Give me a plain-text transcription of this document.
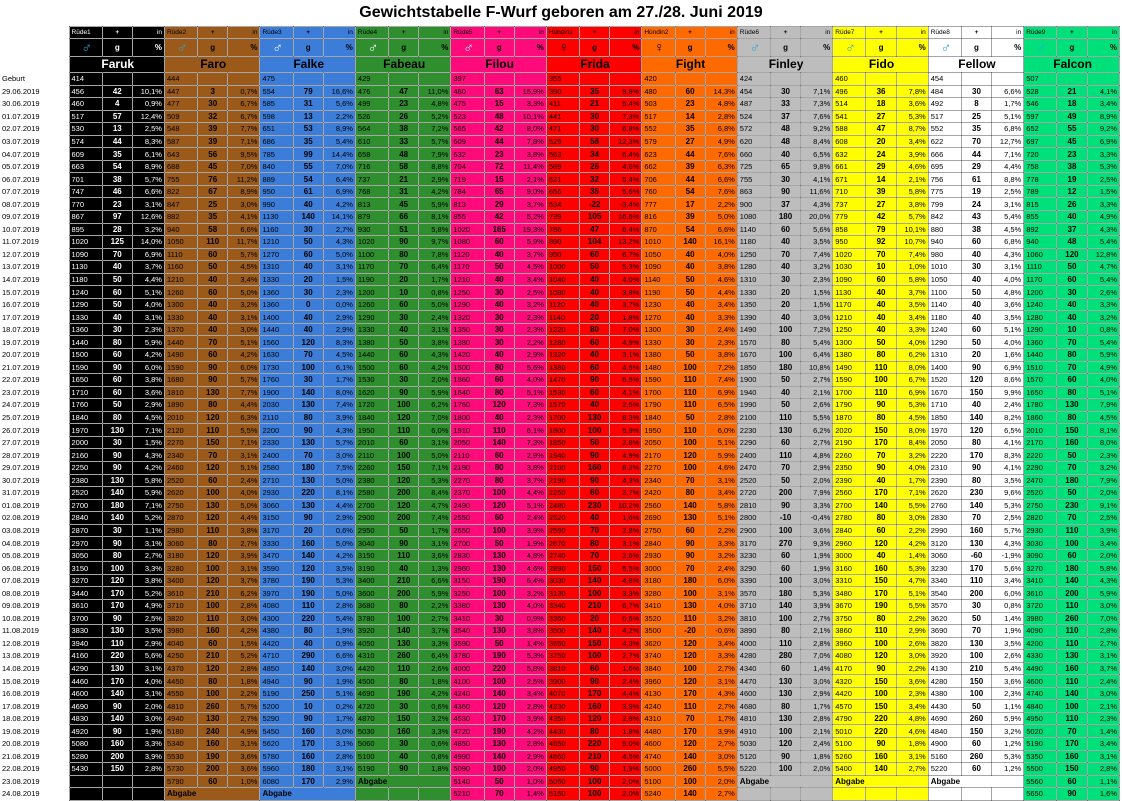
Gewichtstabelle F-Wurf geboren am 27./28. Juni 2019
	Rüde1	+	in	Rüde2	+	in	Rüde3	+	in	Rüde4	+	in	Rüde5	+	in	Hündin1	+	in	Hündin2	+	in	Rüde6	+	in	Rüde7	+	in	Rüde8	+	in	Rüde9	+	in
	♂	g	%	♂	g	%	♂	g	%	♂	g	%	♂	g	%	♀	g	%	♀	g	%	♂	g	%	♂	g	%	♂	g	%	♂	g	%
	Faruk			Faro			Falke			Fabeau			Filou			Frida			Fight			Finley			Fido			Fellow			Falcon		
Geburt	414			444			475			429			397			355			420			424			460			454			507		
29.06.2019	456	42	10,1%	447	3	0,7%	554	79	16,6%	476	47	11,0%	460	63	15,9%	390	35	9,9%	480	60	14,3%	454	30	7,1%	496	36	7,8%	484	30	6,6%	528	21	4,1%
30.06.2019	460	4	0,9%	477	30	6,7%	585	31	5,6%	499	23	4,8%	475	15	3,3%	411	21	5,4%	503	23	4,8%	487	33	7,3%	514	18	3,6%	492	8	1,7%	546	18	3,4%
01.07.2019	517	57	12,4%	509	32	6,7%	598	13	2,2%	526	26	5,2%	523	48	10,1%	441	30	7,3%	517	14	2,8%	524	37	7,6%	541	27	5,3%	517	25	5,1%	597	49	8,9%
02.07.2019	530	13	2,5%	548	39	7,7%	651	53	8,9%	564	38	7,2%	565	42	8,0%	471	30	6,8%	552	35	6,8%	572	48	9,2%	588	47	8,7%	552	35	6,8%	652	55	9,2%
03.07.2019	574	44	8,3%	587	39	7,1%	686	35	5,4%	610	33	5,7%	609	44	7,8%	529	58	12,3%	579	27	4,9%	620	48	8,4%	608	20	3,4%	622	70	12,7%	697	45	6,9%
04.07.2019	609	35	6,1%	643	56	9,5%	785	99	14,4%	658	48	7,9%	632	23	3,8%	563	34	6,4%	623	44	7,6%	660	40	6,5%	632	24	3,9%	666	44	7,1%	720	23	3,3%
05.07.2019	663	54	8,9%	688	45	7,0%	840	55	7,0%	716	58	8,8%	704	72	11,4%	589	26	4,6%	662	39	6,3%	725	65	9,8%	661	29	4,6%	695	29	4,4%	758	38	5,3%
06.07.2019	701	38	5,7%	755	76	11,2%	889	54	6,4%	737	21	2,9%	719	15	2,1%	621	32	5,4%	706	44	6,6%	755	30	4,1%	671	14	2,1%	756	61	8,8%	778	19	2,5%
07.07.2019	747	46	6,6%	822	67	8,9%	950	61	6,9%	768	31	4,2%	784	65	9,0%	656	35	5,6%	760	54	7,6%	863	90	11,6%	710	39	5,8%	775	19	2,5%	789	12	1,5%
08.07.2019	770	23	3,1%	847	25	3,0%	990	40	4,2%	813	45	5,9%	813	29	3,7%	634	-22	-3,4%	777	17	2,2%	900	37	4,3%	737	27	3,8%	799	24	3,1%	815	26	3,3%
09.07.2019	867	97	12,6%	882	35	4,1%	1130	140	14,1%	879	66	8,1%	855	42	5,2%	739	105	16,6%	816	39	5,0%	1080	180	20,0%	779	42	5,7%	842	43	5,4%	855	40	4,9%
10.07.2019	895	28	3,2%	940	58	6,6%	1160	30	2,7%	930	51	5,8%	1020	165	19,3%	786	47	6,4%	870	54	6,6%	1140	60	5,6%	858	79	10,1%	880	38	4,5%	892	37	4,3%
11.07.2019	1020	125	14,0%	1050	110	11,7%	1210	50	4,3%	1020	90	9,7%	1080	60	5,9%	890	104	13,2%	1010	140	16,1%	1180	40	3,5%	950	92	10,7%	940	60	6,8%	940	48	5,4%
12.07.2019	1090	70	6,9%	1110	60	5,7%	1270	60	5,0%	1100	80	7,8%	1120	40	3,7%	950	60	6,7%	1050	40	4,0%	1250	70	7,4%	1020	70	7,4%	980	40	4,3%	1060	120	12,8%
13.07.2019	1130	40	3,7%	1160	50	4,5%	1310	40	3,1%	1170	70	6,4%	1170	50	4,5%	1000	50	5,3%	1090	40	3,8%	1280	40	3,2%	1030	10	1,0%	1010	30	3,1%	1110	50	4,7%
14.07.2019	1180	50	4,4%	1210	40	3,4%	1330	20	1,5%	1190	20	1,7%	1210	40	3,4%	1040	40	4,0%	1140	50	4,6%	1310	30	2,3%	1090	60	5,8%	1050	40	4,0%	1170	60	5,4%
15.07.2019	1240	60	5,1%	1260	60	5,0%	1360	30	2,3%	1200	10	0,8%	1250	30	2,5%	1080	40	3,8%	1190	50	4,4%	1330	20	1,5%	1130	40	3,7%	1100	50	4,8%	1200	30	2,6%
16.07.2019	1290	50	4,0%	1300	40	3,2%	1360	0	0,0%	1260	60	5,0%	1290	40	3,2%	1120	40	3,7%	1230	40	3,4%	1350	20	1,5%	1170	40	3,5%	1140	40	3,6%	1240	40	3,3%
17.07.2019	1330	40	3,1%	1330	40	3,1%	1400	40	2,9%	1290	30	2,4%	1320	30	2,3%	1140	20	1,8%	1270	40	3,3%	1390	40	3,0%	1210	40	3,4%	1180	40	3,5%	1280	40	3,2%
18.07.2019	1360	30	2,3%	1370	40	3,0%	1440	40	2,9%	1330	40	3,1%	1350	30	2,3%	1220	80	7,0%	1300	30	2,4%	1490	100	7,2%	1250	40	3,3%	1240	60	5,1%	1290	10	0,8%
19.07.2019	1440	80	5,9%	1440	70	5,1%	1560	120	8,3%	1380	50	3,8%	1380	30	2,2%	1280	60	4,9%	1330	30	2,3%	1570	80	5,4%	1300	50	4,0%	1290	50	4,0%	1360	70	5,4%
20.07.2019	1500	60	4,2%	1490	60	4,2%	1630	70	4,5%	1440	60	4,3%	1420	40	2,9%	1320	40	3,1%	1380	50	3,8%	1670	100	6,4%	1380	80	6,2%	1310	20	1,6%	1440	80	5,9%
21.07.2019	1590	90	6,0%	1590	90	6,0%	1730	100	6,1%	1500	60	4,2%	1500	80	5,6%	1380	60	4,5%	1480	100	7,2%	1850	180	10,8%	1490	110	8,0%	1400	90	6,9%	1510	70	4,9%
22.07.2019	1650	60	3,8%	1680	90	5,7%	1760	30	1,7%	1530	30	2,0%	1560	60	4,0%	1470	90	6,5%	1590	110	7,4%	1900	50	2,7%	1590	100	6,7%	1520	120	8,6%	1570	60	4,0%
23.07.2019	1710	60	3,6%	1810	130	7,7%	1900	140	8,0%	1620	90	5,9%	1640	80	5,1%	1530	60	4,1%	1700	110	6,9%	1940	40	2,1%	1700	110	6,9%	1670	150	9,9%	1650	80	5,1%
24.07.2019	1760	50	2,9%	1890	80	4,4%	2030	130	7,4%	1720	100	6,2%	1760	120	7,3%	1570	40	2,6%	1790	110	6,5%	1990	50	2,6%	1790	90	5,3%	1710	40	2,4%	1780	130	7,9%
25.07.2019	1840	80	4,5%	2010	120	6,3%	2110	80	3,9%	1840	120	7,0%	1800	40	2,3%	1700	130	8,3%	1840	50	2,8%	2100	110	5,5%	1870	80	4,5%	1850	140	8,2%	1860	80	4,5%
26.07.2019	1970	130	7,1%	2120	110	5,5%	2200	90	4,3%	1950	110	6,0%	1910	110	6,1%	1800	100	5,9%	1950	110	6,0%	2230	130	6,2%	2020	150	8,0%	1970	120	6,5%	2010	150	8,1%
27.07.2019	2000	30	1,5%	2270	150	7,1%	2330	130	5,7%	2010	60	3,1%	2050	140	7,3%	1850	50	2,8%	2050	100	5,1%	2290	60	2,7%	2190	170	8,4%	2050	80	4,1%	2170	160	8,0%
28.07.2019	2160	90	4,3%	2340	70	3,1%	2400	70	3,0%	2110	100	5,0%	2110	60	2,9%	1940	90	4,9%	2170	120	5,9%	2400	110	4,8%	2260	70	3,2%	2220	170	8,3%	2220	50	2,3%
29.07.2019	2250	90	4,2%	2460	120	5,1%	2580	180	7,5%	2260	150	7,1%	2190	80	3,8%	2100	160	8,2%	2270	100	4,6%	2470	70	2,9%	2350	90	4,0%	2310	90	4,1%	2290	70	3,2%
30.07.2019	2380	130	5,8%	2520	60	2,4%	2710	130	5,0%	2380	120	5,3%	2270	80	3,7%	2190	90	4,3%	2340	70	3,1%	2520	50	2,0%	2390	40	1,7%	2390	80	3,5%	2470	180	7,9%
31.07.2019	2520	140	5,9%	2620	100	4,0%	2930	220	8,1%	2580	200	8,4%	2370	100	4,4%	2250	60	2,7%	2420	80	3,4%	2720	200	7,9%	2560	170	7,1%	2620	230	9,6%	2520	50	2,0%
01.08.2019	2700	180	7,1%	2750	130	5,0%	3060	130	4,4%	2700	120	4,7%	2490	120	5,1%	2480	230	10,2%	2560	140	5,8%	2810	90	3,3%	2700	140	5,5%	2760	140	5,3%	2750	230	9,1%
02.08.2019	2840	140	5,2%	2870	120	4,4%	3150	90	2,9%	2900	200	7,4%	2550	60	2,4%	2520	40	1,6%	2690	130	5,1%	2800	-10	-0,4%	2780	80	3,0%	2830	70	2,5%	2820	70	2,5%
03.08.2019	2870	30	1,1%	2980	110	3,8%	3170	20	0,6%	2950	50	1,7%	2650	100	3,9%	2590	70	2,8%	2750	60	2,2%	2900	100	3,6%	2840	60	2,2%	2990	160	5,7%	2930	110	3,9%
04.08.2019	2970	90	3,1%	3060	80	2,7%	3330	160	5,0%	3040	90	3,1%	2700	50	1,9%	2670	80	3,1%	2840	90	3,3%	3170	270	9,3%	2960	120	4,2%	3120	130	4,3%	3030	100	3,4%
05.08.2019	3050	80	2,7%	3180	120	3,9%	3470	140	4,2%	3150	110	3,6%	2830	130	4,8%	2740	70	2,6%	2930	90	3,2%	3230	60	1,9%	3000	40	1,4%	3060	-60	-1,9%	3090	60	2,0%
06.08.2019	3150	100	3,3%	3280	100	3,1%	3590	120	3,5%	3190	40	1,3%	2960	130	4,6%	2890	150	5,5%	3000	70	2,4%	3290	60	1,9%	3160	160	5,3%	3230	170	5,6%	3270	180	5,8%
07.08.2019	3270	120	3,8%	3400	120	3,7%	3780	190	5,3%	3400	210	6,6%	3150	190	6,4%	3030	140	4,8%	3180	180	6,0%	3390	100	3,0%	3310	150	4,7%	3340	110	3,4%	3410	140	4,3%
08.08.2019	3440	170	5,2%	3610	210	6,2%	3970	190	5,0%	3600	200	5,9%	3250	100	3,2%	3130	100	3,3%	3280	100	3,1%	3570	180	5,3%	3480	170	5,1%	3540	200	6,0%	3610	200	5,9%
09.08.2019	3610	170	4,9%	3710	100	2,8%	4080	110	2,8%	3680	80	2,2%	3380	130	4,0%	3340	210	6,7%	3410	130	4,0%	3710	140	3,9%	3670	190	5,5%	3570	30	0,8%	3720	110	3,0%
10.08.2019	3700	90	2,5%	3820	110	3,0%	4300	220	5,4%	3780	100	2,7%	3410	30	0,9%	3360	20	0,6%	3520	110	3,2%	3810	100	2,7%	3750	80	2,2%	3620	50	1,4%	3980	260	7,0%
11.08.2019	3830	130	3,5%	3980	160	4,2%	4380	80	1,9%	3920	140	3,7%	3540	130	3,8%	3500	140	4,2%	3500	-20	-0,6%	3890	80	2,1%	3860	110	2,9%	3690	70	1,9%	4090	110	2,8%
12.08.2019	3940	110	2,9%	4040	60	1,5%	4420	40	0,9%	4050	130	3,3%	3590	50	1,4%	3650	150	4,3%	3620	120	3,4%	4000	110	2,8%	3960	100	2,6%	3820	130	3,5%	4200	110	2,7%
13.08.2019	4160	220	5,6%	4250	210	5,2%	4710	290	6,6%	4310	260	6,4%	3780	190	5,3%	3750	100	2,7%	3740	120	3,3%	4280	280	7,0%	4080	120	3,0%	3920	100	2,6%	4330	130	3,1%
14.08.2019	4290	130	3,1%	4370	120	2,8%	4850	140	3,0%	4420	110	2,6%	4000	220	5,8%	3810	60	1,6%	3840	100	2,7%	4340	60	1,4%	4170	90	2,2%	4130	210	5,4%	4490	160	3,7%
15.08.2019	4460	170	4,0%	4450	80	1,8%	4940	90	1,9%	4500	80	1,8%	4100	100	2,5%	3900	90	2,4%	3960	120	3,1%	4470	130	3,0%	4320	150	3,6%	4280	150	3,6%	4600	110	2,4%
16.08.2019	4600	140	3,1%	4550	100	2,2%	5190	250	5,1%	4690	190	4,2%	4240	140	3,4%	4070	170	4,4%	4130	170	4,3%	4600	130	2,9%	4420	100	2,3%	4380	100	2,3%	4740	140	3,0%
17.08.2019	4690	90	2,0%	4810	260	5,7%	5200	10	0,2%	4720	30	0,6%	4360	120	2,8%	4230	160	3,9%	4240	110	2,7%	4680	80	1,7%	4570	150	3,4%	4430	50	1,1%	4840	100	2,1%
18.08.2019	4830	140	3,0%	4940	130	2,7%	5290	90	1,7%	4870	150	3,2%	4530	170	3,9%	4350	120	2,8%	4310	70	1,7%	4810	130	2,8%	4790	220	4,8%	4690	260	5,9%	4950	110	2,3%
19.08.2019	4920	90	1,9%	5180	240	4,9%	5450	160	3,0%	5030	160	3,3%	4720	190	4,2%	4430	80	1,8%	4480	170	3,9%	4910	100	2,1%	5010	220	4,6%	4840	150	3,2%	5020	70	1,4%
20.08.2019	5080	160	3,3%	5340	160	3,1%	5620	170	3,1%	5060	30	0,6%	4850	130	2,8%	4650	220	5,0%	4600	120	2,7%	5030	120	2,4%	5100	90	1,8%	4900	60	1,2%	5190	170	3,4%
21.08.2019	5280	200	3,9%	5530	190	3,6%	5780	160	2,8%	5100	40	0,8%	4990	140	2,9%	4860	210	4,5%	4740	140	3,0%	5120	90	1,8%	5260	160	3,1%	5160	260	5,3%	5350	160	3,1%
22.08.2019	5430	150	2,8%	5730	200	3,6%	5960	180	3,1%	5190	90	1,8%	5090	100	2,0%	4950	90	1,9%	5000	260	5,5%	5220	100	2,0%	5400	140	2,7%	5220	60	1,2%	5500	150	2,8%
23.08.2019				5790	60	1,0%	6080	170	2,9%	Abgabe			5140	50	1,0%	5050	100	2,0%	5100	100	2,0%	Abgabe			Abgabe			Abgabe			5560	60	1,1%
24.08.2019				Abgabe			Abgabe						5210	70	1,4%	5150	100	2,0%	5240	140	2,7%										5650	90	1,6%
